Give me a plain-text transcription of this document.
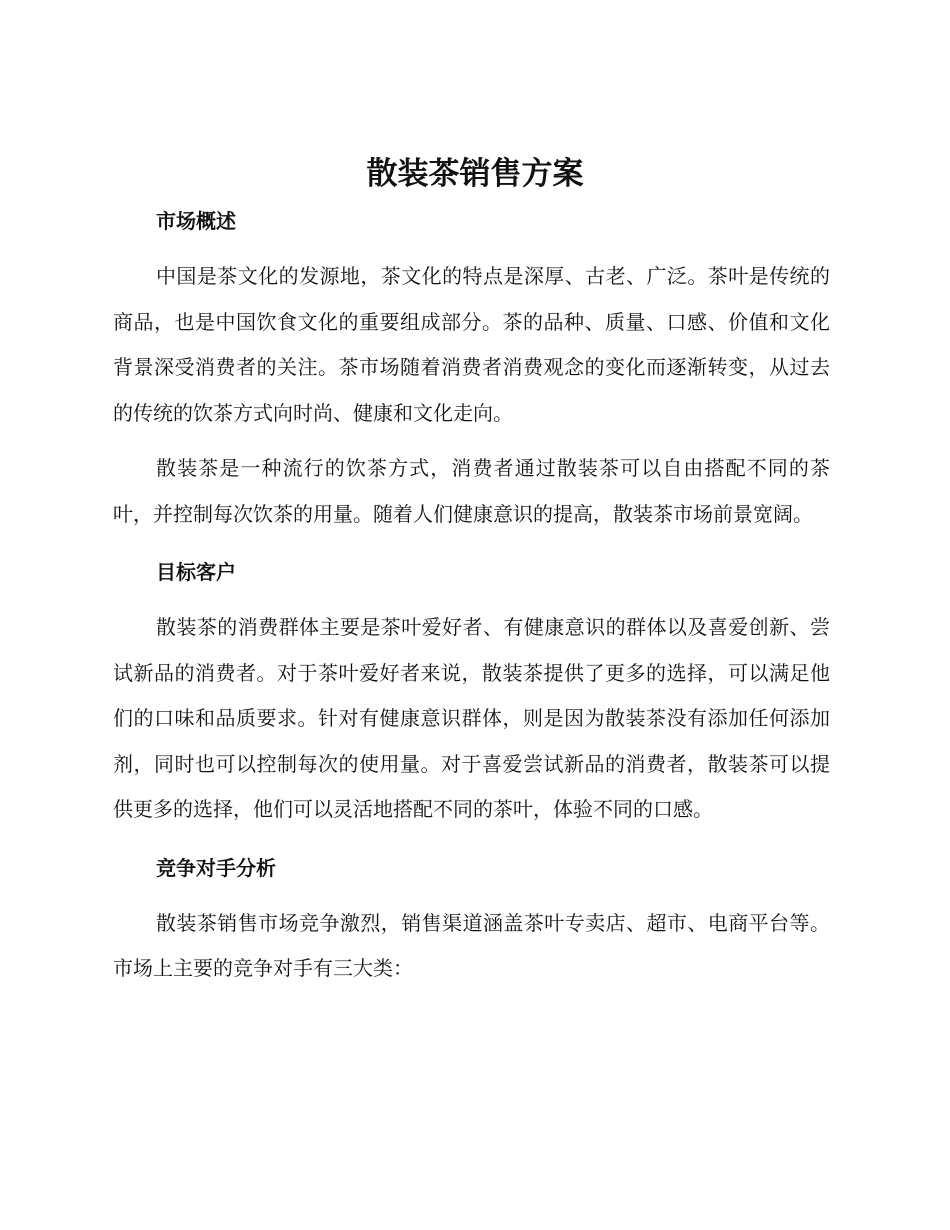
散装茶销售方案
市场概述

中国是茶文化的发源地，茶文化的特点是深厚、古老、广泛。茶叶是传统的商品，也是中国饮食文化的重要组成部分。茶的品种、质量、口感、价值和文化背景深受消费者的关注。茶市场随着消费者消费观念的变化而逐渐转变，从过去的传统的饮茶方式向时尚、健康和文化走向。

散装茶是一种流行的饮茶方式，消费者通过散装茶可以自由搭配不同的茶叶，并控制每次饮茶的用量。随着人们健康意识的提高，散装茶市场前景宽阔。

目标客户

散装茶的消费群体主要是茶叶爱好者、有健康意识的群体以及喜爱创新、尝试新品的消费者。对于茶叶爱好者来说，散装茶提供了更多的选择，可以满足他们的口味和品质要求。针对有健康意识群体，则是因为散装茶没有添加任何添加剂，同时也可以控制每次的使用量。对于喜爱尝试新品的消费者，散装茶可以提供更多的选择，他们可以灵活地搭配不同的茶叶，体验不同的口感。

竞争对手分析

散装茶销售市场竞争激烈，销售渠道涵盖茶叶专卖店、超市、电商平台等。市场上主要的竞争对手有三大类：
